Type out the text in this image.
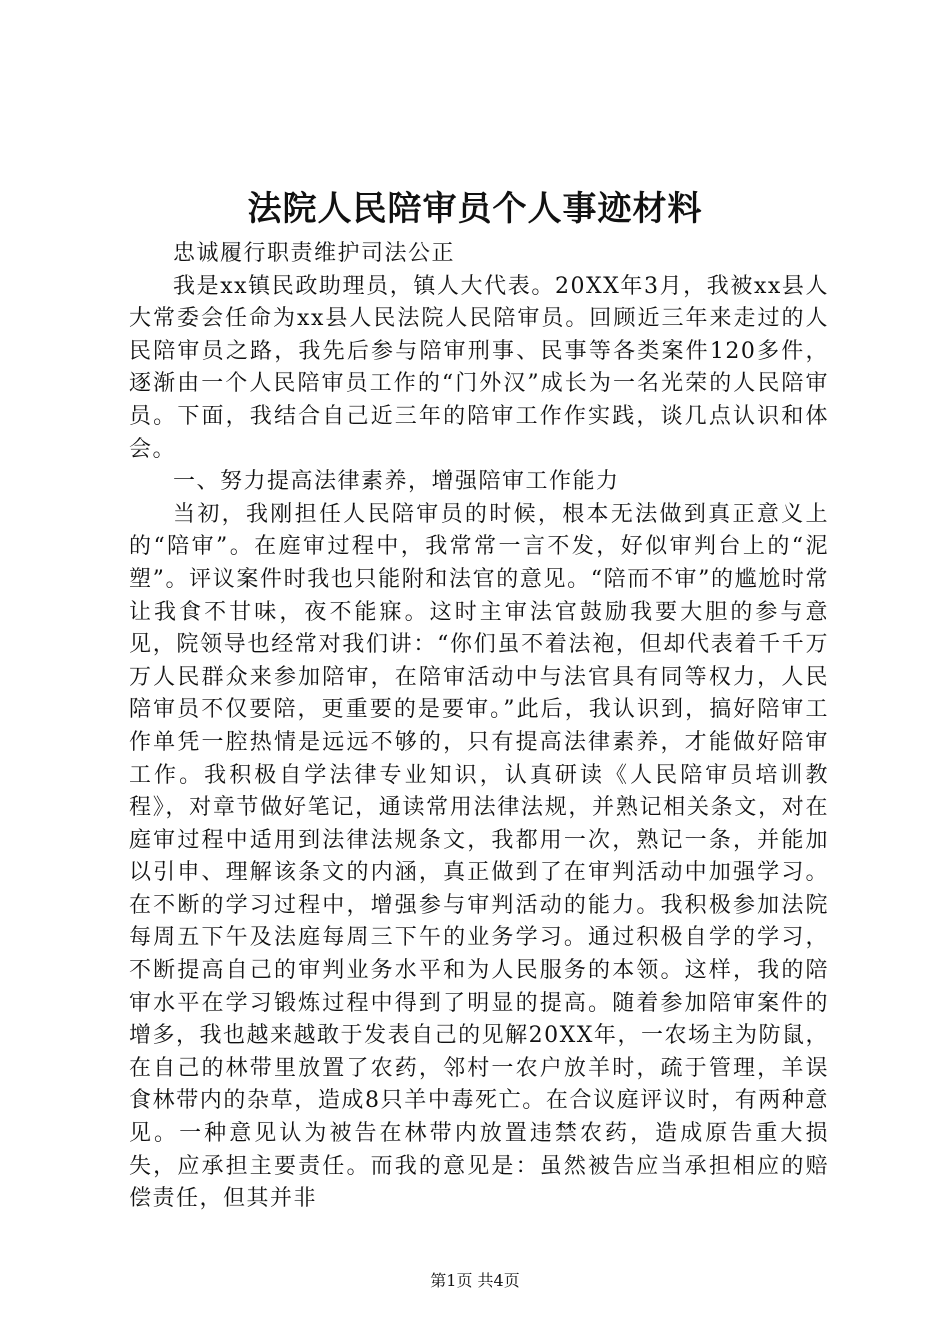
法院人民陪审员个人事迹材料

忠诚履行职责维护司法公正

我是xx镇民政助理员，镇人大代表。20XX年3月，我被xx县人大常委会任命为xx县人民法院人民陪审员。回顾近三年来走过的人民陪审员之路，我先后参与陪审刑事、民事等各类案件120多件，逐渐由一个人民陪审员工作的“门外汉”成长为一名光荣的人民陪审员。下面，我结合自己近三年的陪审工作作实践，谈几点认识和体会。

一、努力提高法律素养，增强陪审工作能力

当初，我刚担任人民陪审员的时候，根本无法做到真正意义上的“陪审”。在庭审过程中，我常常一言不发，好似审判台上的“泥塑”。评议案件时我也只能附和法官的意见。“陪而不审”的尴尬时常让我食不甘味，夜不能寐。这时主审法官鼓励我要大胆的参与意见，院领导也经常对我们讲：“你们虽不着法袍，但却代表着千千万万人民群众来参加陪审，在陪审活动中与法官具有同等权力，人民陪审员不仅要陪，更重要的是要审。”此后，我认识到，搞好陪审工作单凭一腔热情是远远不够的，只有提高法律素养，才能做好陪审工作。我积极自学法律专业知识，认真研读《人民陪审员培训教程》，对章节做好笔记，通读常用法律法规，并熟记相关条文，对在庭审过程中适用到法律法规条文，我都用一次，熟记一条，并能加以引申、理解该条文的内涵，真正做到了在审判活动中加强学习。在不断的学习过程中，增强参与审判活动的能力。我积极参加法院每周五下午及法庭每周三下午的业务学习。通过积极自学的学习，不断提高自己的审判业务水平和为人民服务的本领。这样，我的陪审水平在学习锻炼过程中得到了明显的提高。随着参加陪审案件的增多，我也越来越敢于发表自己的见解20XX年，一农场主为防鼠，在自己的林带里放置了农药，邻村一农户放羊时，疏于管理，羊误食林带内的杂草，造成8只羊中毒死亡。在合议庭评议时，有两种意见。一种意见认为被告在林带内放置违禁农药，造成原告重大损失，应承担主要责任。而我的意见是：虽然被告应当承担相应的赔偿责任，但其并非

第1页 共4页
